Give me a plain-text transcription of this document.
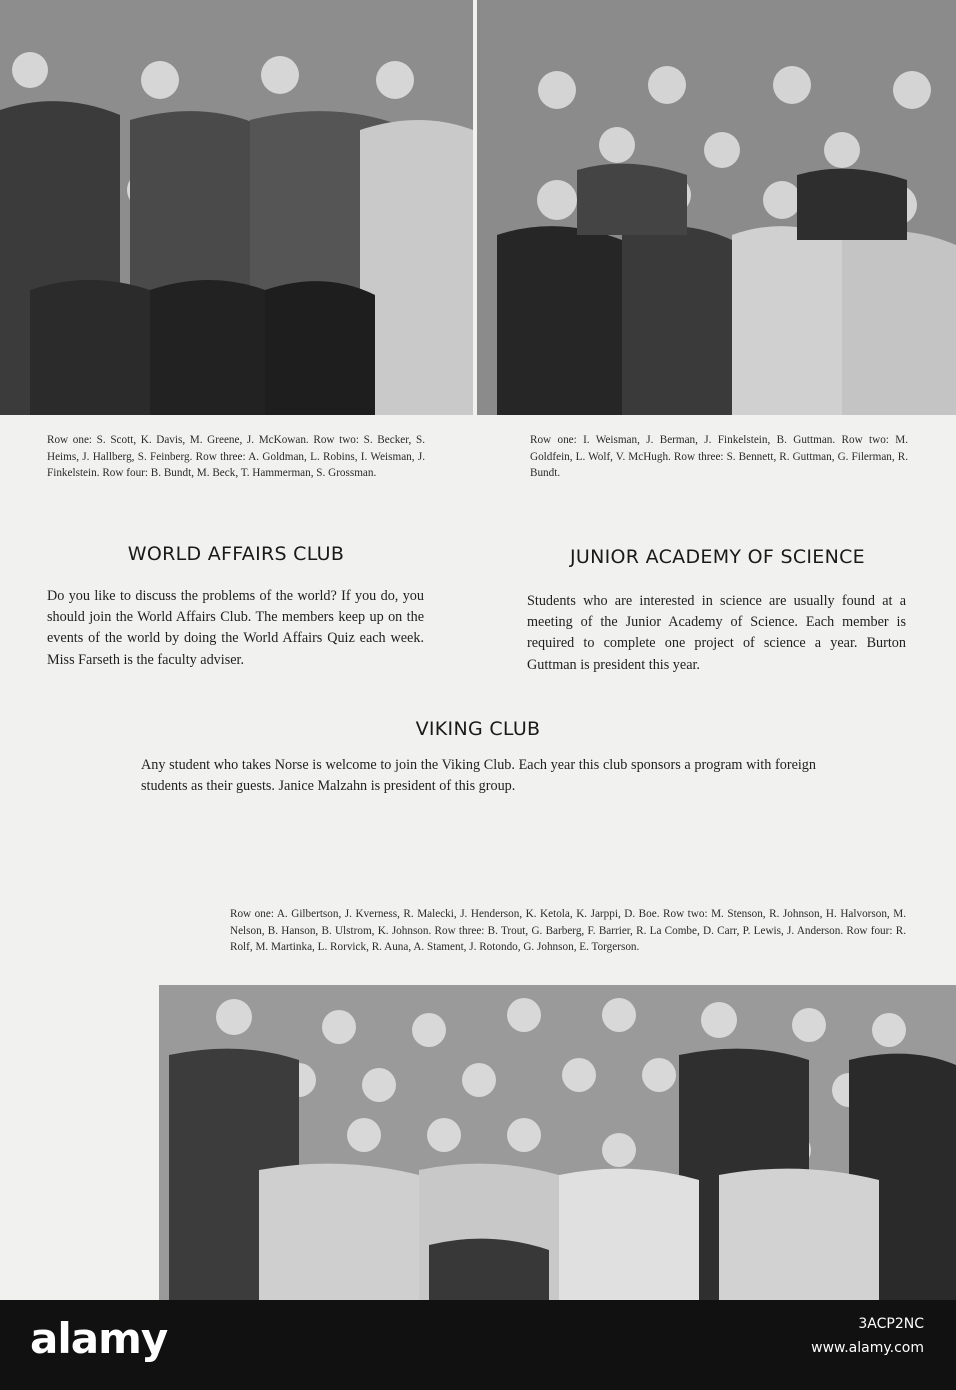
Row one: S. Scott, K. Davis, M. Greene, J. McKowan. Row two: S. Becker, S. Heims, J. Hallberg, S. Feinberg. Row three: A. Goldman, L. Robins, I. Weisman, J. Finkelstein. Row four: B. Bundt, M. Beck, T. Hammerman, S. Grossman.
Row one: I. Weisman, J. Berman, J. Finkelstein, B. Guttman. Row two: M. Goldfein, L. Wolf, V. McHugh. Row three: S. Bennett, R. Guttman, G. Filerman, R. Bundt.
WORLD AFFAIRS CLUB	JUNIOR ACADEMY OF SCIENCE
Do you like to discuss the problems of the world? If you do, you should join the World Affairs Club. The members keep up on the events of the world by doing the World Affairs Quiz each week. Miss Farseth is the faculty adviser.
Students who are interested in science are usually found at a meeting of the Junior Academy of Science. Each member is required to complete one project of science a year. Burton Guttman is president this year.
VIKING CLUB
Any student who takes Norse is welcome to join the Viking Club. Each year this club sponsors a program with foreign students as their guests. Janice Malzahn is president of this group.
Row one: A. Gilbertson, J. Kverness, R. Malecki, J. Henderson, K. Ketola, K. Jarppi, D. Boe. Row two: M. Stenson, R. Johnson, H. Halvorson, M. Nelson, B. Hanson, B. Ulstrom, K. Johnson. Row three: B. Trout, G. Barberg, F. Barrier, R. La Combe, D. Carr, P. Lewis, J. Anderson. Row four: R. Rolf, M. Martinka, L. Rorvick, R. Auna, A. Stament, J. Rotondo, G. Johnson, E. Torgerson.
alamy	3ACP2NC
www.alamy.com
